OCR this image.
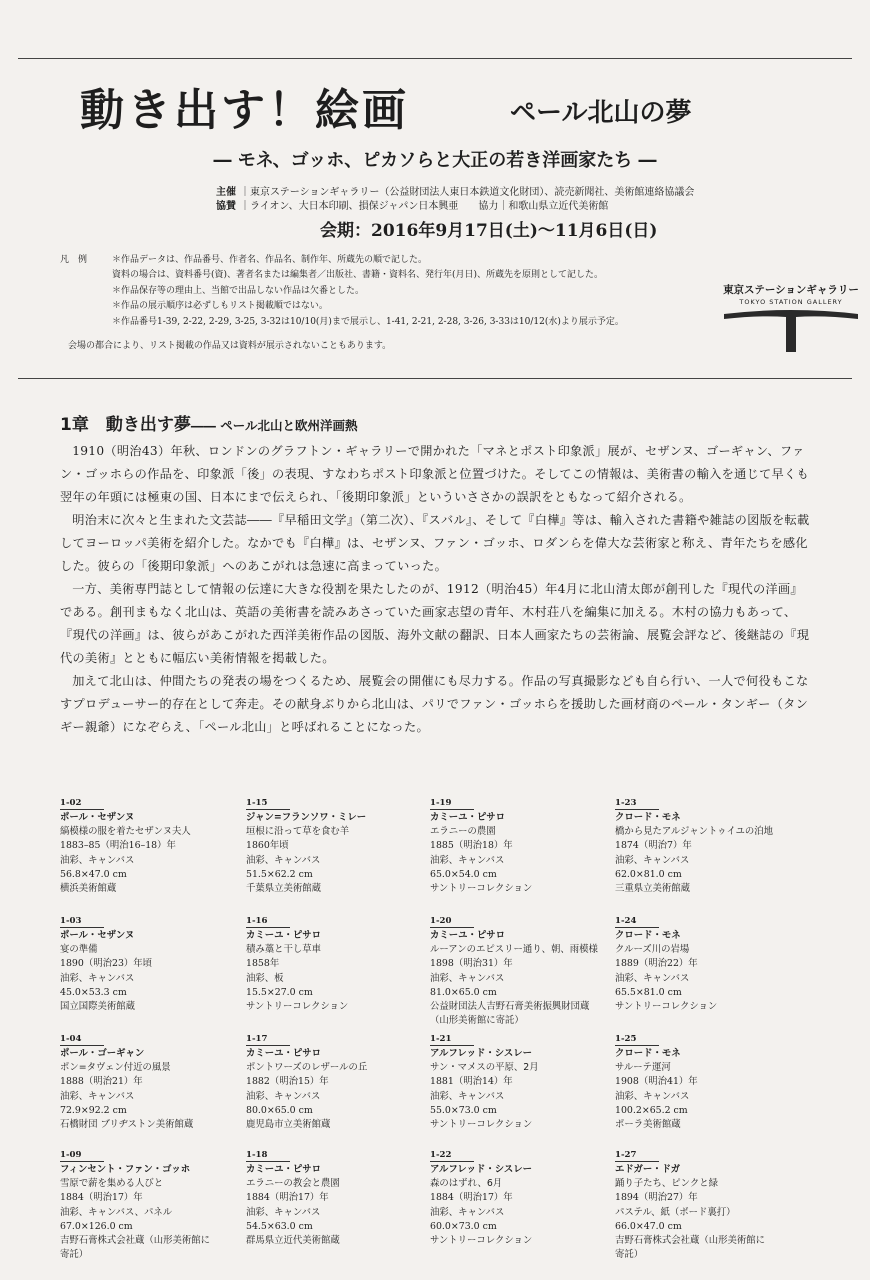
動き出す！絵画	ペール北山の夢
― モネ、ゴッホ、ピカソらと大正の若き洋画家たち ―
主催 ｜東京ステーションギャラリー（公益財団法人東日本鉄道文化財団）、読売新聞社、美術館連絡協議会
協賛 ｜ライオン、大日本印刷、損保ジャパン日本興亜　　協力｜和歌山県立近代美術館
会期：2016年9月17日(土)～11月6日(日)
凡　例	＊作品データは、作品番号、作者名、作品名、制作年、所蔵先の順で記した。
資料の場合は、資料番号(資)、著者名または編集者／出版社、書籍・資料名、発行年(月日)、所蔵先を原則として記した。
＊作品保存等の理由上、当館で出品しない作品は欠番とした。
＊作品の展示順序は必ずしもリスト掲載順ではない。
＊作品番号1-39, 2-22, 2-29, 3-25, 3-32は10/10(月)まで展示し、1-41, 2-21, 2-28, 3-26, 3-33は10/12(水)より展示予定。
会場の都合により、リスト掲載の作品又は資料が展示されないこともあります。
東京ステーションギャラリー
TOKYO STATION GALLERY
1章　動き出す夢―― ペール北山と欧州洋画熱

1910（明治43）年秋、ロンドンのグラフトン・ギャラリーで開かれた「マネとポスト印象派」展が、セザンヌ、ゴーギャン、ファン・ゴッホらの作品を、印象派「後」の表現、すなわちポスト印象派と位置づけた。そしてこの情報は、美術書の輸入を通じて早くも翌年の年頭には極東の国、日本にまで伝えられ、「後期印象派」といういささかの誤訳をともなって紹介される。

明治末に次々と生まれた文芸誌――『早稲田文学』（第二次）、『スバル』、そして『白樺』等は、輸入された書籍や雑誌の図版を転載してヨーロッパ美術を紹介した。なかでも『白樺』は、セザンヌ、ファン・ゴッホ、ロダンらを偉大な芸術家と称え、青年たちを感化した。彼らの「後期印象派」へのあこがれは急速に高まっていった。

一方、美術専門誌として情報の伝達に大きな役割を果たしたのが、1912（明治45）年4月に北山清太郎が創刊した『現代の洋画』である。創刊まもなく北山は、英語の美術書を読みあさっていた画家志望の青年、木村荘八を編集に加える。木村の協力もあって、『現代の洋画』は、彼らがあこがれた西洋美術作品の図版、海外文献の翻訳、日本人画家たちの芸術論、展覧会評など、後継誌の『現代の美術』とともに幅広い美術情報を掲載した。

加えて北山は、仲間たちの発表の場をつくるため、展覧会の開催にも尽力する。作品の写真撮影なども自ら行い、一人で何役もこなすプロデューサー的存在として奔走。その献身ぶりから北山は、パリでファン・ゴッホらを援助した画材商のペール・タンギー（タンギー親爺）になぞらえ、「ペール北山」と呼ばれることになった。

1-02
ポール・セザンヌ
縞模様の服を着たセザンヌ夫人
1883–85（明治16–18）年
油彩、キャンバス
56.8×47.0 cm
横浜美術館蔵
1-03
ポール・セザンヌ
宴の準備
1890（明治23）年頃
油彩、キャンバス
45.0×53.3 cm
国立国際美術館蔵
1-04
ポール・ゴーギャン
ポン=タヴェン付近の風景
1888（明治21）年
油彩、キャンバス
72.9×92.2 cm
石橋財団 ブリヂストン美術館蔵
1-09
フィンセント・ファン・ゴッホ
雪原で薪を集める人びと
1884（明治17）年
油彩、キャンバス、パネル
67.0×126.0 cm
吉野石膏株式会社蔵（山形美術館に
寄託）
1-15
ジャン=フランソワ・ミレー
垣根に沿って草を食む羊
1860年頃
油彩、キャンバス
51.5×62.2 cm
千葉県立美術館蔵
1-16
カミーユ・ピサロ
積み藁と干し草車
1858年
油彩、板
15.5×27.0 cm
サントリーコレクション
1-17
カミーユ・ピサロ
ポントワーズのレザールの丘
1882（明治15）年
油彩、キャンバス
80.0×65.0 cm
鹿児島市立美術館蔵
1-18
カミーユ・ピサロ
エラニーの教会と農園
1884（明治17）年
油彩、キャンバス
54.5×63.0 cm
群馬県立近代美術館蔵
1-19
カミーユ・ピサロ
エラニーの農園
1885（明治18）年
油彩、キャンバス
65.0×54.0 cm
サントリーコレクション
1-20
カミーユ・ピサロ
ルーアンのエピスリー通り、朝、雨模様
1898（明治31）年
油彩、キャンバス
81.0×65.0 cm
公益財団法人吉野石膏美術振興財団蔵
（山形美術館に寄託）
1-21
アルフレッド・シスレー
サン・マメスの平原、2月
1881（明治14）年
油彩、キャンバス
55.0×73.0 cm
サントリーコレクション
1-22
アルフレッド・シスレー
森のはずれ、6月
1884（明治17）年
油彩、キャンバス
60.0×73.0 cm
サントリーコレクション
1-23
クロード・モネ
橋から見たアルジャントゥイユの泊地
1874（明治7）年
油彩、キャンバス
62.0×81.0 cm
三重県立美術館蔵
1-24
クロード・モネ
クルーズ川の岩場
1889（明治22）年
油彩、キャンバス
65.5×81.0 cm
サントリーコレクション
1-25
クロード・モネ
サルーテ運河
1908（明治41）年
油彩、キャンバス
100.2×65.2 cm
ポーラ美術館蔵
1-27
エドガー・ドガ
踊り子たち、ピンクと緑
1894（明治27）年
パステル、紙（ボード裏打）
66.0×47.0 cm
吉野石膏株式会社蔵（山形美術館に
寄託）
